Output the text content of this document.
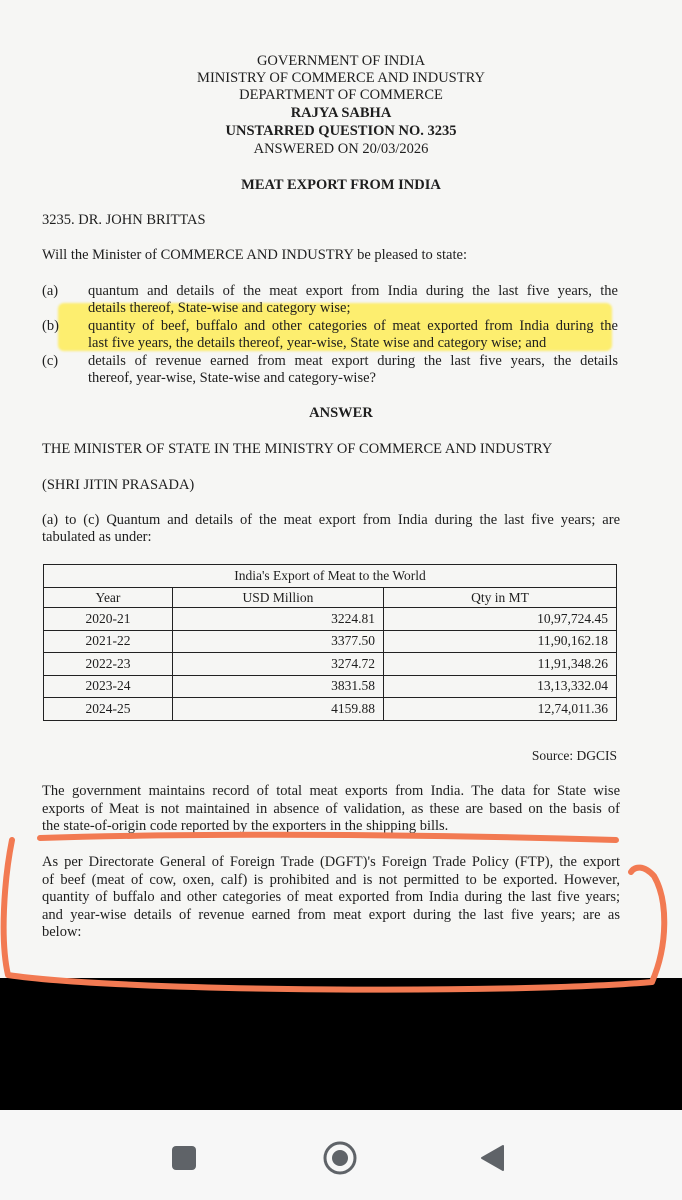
GOVERNMENT OF INDIA
MINISTRY OF COMMERCE AND INDUSTRY
DEPARTMENT OF COMMERCE
RAJYA SABHA
UNSTARRED QUESTION NO. 3235
ANSWERED ON 20/03/2026
MEAT EXPORT FROM INDIA
3235. DR. JOHN BRITTAS
Will the Minister of COMMERCE AND INDUSTRY be pleased to state:
(a) quantum and details of the meat export from India during the last five years, the
details thereof, State-wise and category wise;
(b) quantity of beef, buffalo and other categories of meat exported from India during the
last five years, the details thereof, year-wise, State wise and category wise; and
(c) details of revenue earned from meat export during the last five years, the details
thereof, year-wise, State-wise and category-wise?
ANSWER
THE MINISTER OF STATE IN THE MINISTRY OF COMMERCE AND INDUSTRY
(SHRI JITIN PRASADA)
(a) to (c) Quantum and details of the meat export from India during the last five years; are
tabulated as under:
India's Export of Meat to the World		
Year	USD Million	Qty in MT
2020-21	3224.81	10,97,724.45
2021-22	3377.50	11,90,162.18
2022-23	3274.72	11,91,348.26
2023-24	3831.58	13,13,332.04
2024-25	4159.88	12,74,011.36
Source: DGCIS
The government maintains record of total meat exports from India. The data for State wise
exports of Meat is not maintained in absence of validation, as these are based on the basis of
the state-of-origin code reported by the exporters in the shipping bills.
As per Directorate General of Foreign Trade (DGFT)'s Foreign Trade Policy (FTP), the export
of beef (meat of cow, oxen, calf) is prohibited and is not permitted to be exported. However,
quantity of buffalo and other categories of meat exported from India during the last five years;
and year-wise details of revenue earned from meat export during the last five years; are as
below:
